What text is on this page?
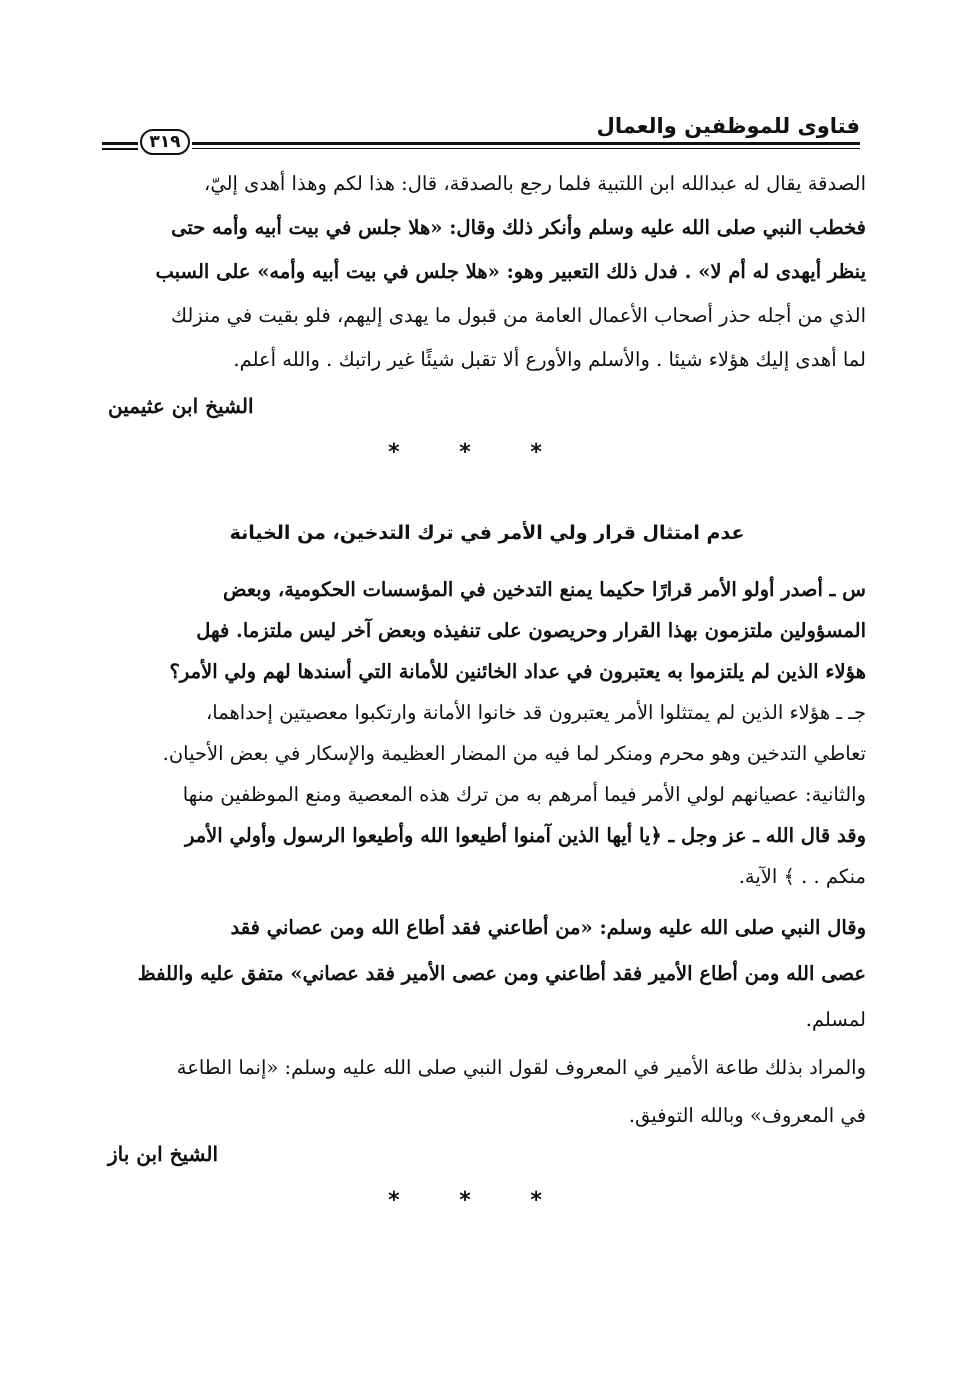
فتاوى للموظفين والعمال
٣١٩
الصدقة يقال له عبدالله ابن اللتبية فلما رجع بالصدقة، قال: هذا لكم وهذا أهدى إليّ،
فخطب النبي صلى الله عليه وسلم وأنكر ذلك وقال: «هلا جلس في بيت أبيه وأمه حتى
ينظر أيهدى له أم لا» . فدل ذلك التعبير وهو: «هلا جلس في بيت أبيه وأمه» على السبب
الذي من أجله حذر أصحاب الأعمال العامة من قبول ما يهدى إليهم، فلو بقيت في منزلك
لما أهدى إليك هؤلاء شيئا . والأسلم والأورع ألا تقبل شيئًا غير راتبك . والله أعلم.
الشيخ ابن عثيمين
* * *
عدم امتثال قرار ولي الأمر في ترك التدخين، من الخيانة
س ـ أصدر أولو الأمر قرارًا حكيما يمنع التدخين في المؤسسات الحكومية، وبعض
المسؤولين ملتزمون بهذا القرار وحريصون على تنفيذه وبعض آخر ليس ملتزما. فهل
هؤلاء الذين لم يلتزموا به يعتبرون في عداد الخائنين للأمانة التي أسندها لهم ولي الأمر؟
جـ ـ هؤلاء الذين لم يمتثلوا الأمر يعتبرون قد خانوا الأمانة وارتكبوا معصيتين إحداهما،
تعاطي التدخين وهو محرم ومنكر لما فيه من المضار العظيمة والإسكار في بعض الأحيان.
والثانية: عصيانهم لولي الأمر فيما أمرهم به من ترك هذه المعصية ومنع الموظفين منها
وقد قال الله ـ عز وجل ـ ﴿يا أيها الذين آمنوا أطيعوا الله وأطيعوا الرسول وأولي الأمر
منكم . . ﴾ الآية.
وقال النبي صلى الله عليه وسلم: «من أطاعني فقد أطاع الله ومن عصاني فقد
عصى الله ومن أطاع الأمير فقد أطاعني ومن عصى الأمير فقد عصاني» متفق عليه واللفظ
لمسلم.
والمراد بذلك طاعة الأمير في المعروف لقول النبي صلى الله عليه وسلم: «إنما الطاعة
في المعروف» وبالله التوفيق.
الشيخ ابن باز
* * *
